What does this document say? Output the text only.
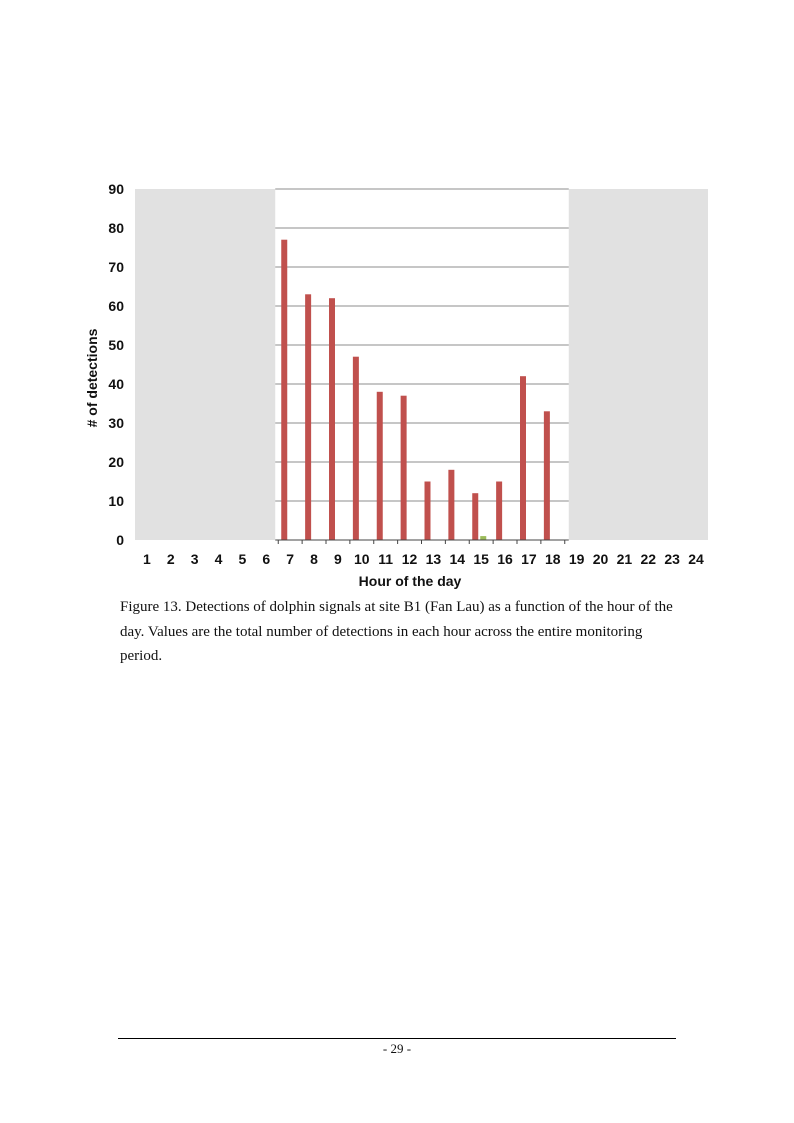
0
10
20
30
40
50
60
70
80
90
1 2 3 4 5 6 7 8 9 10 11 12 13 14 15 16 17 18 19 20 21 22 23 24
# of detections
Hour of the day
Figure 13. Detections of dolphin signals at site B1 (Fan Lau) as a function of the hour of the day. Values are the total number of detections in each hour across the entire monitoring period.
- 29 -
